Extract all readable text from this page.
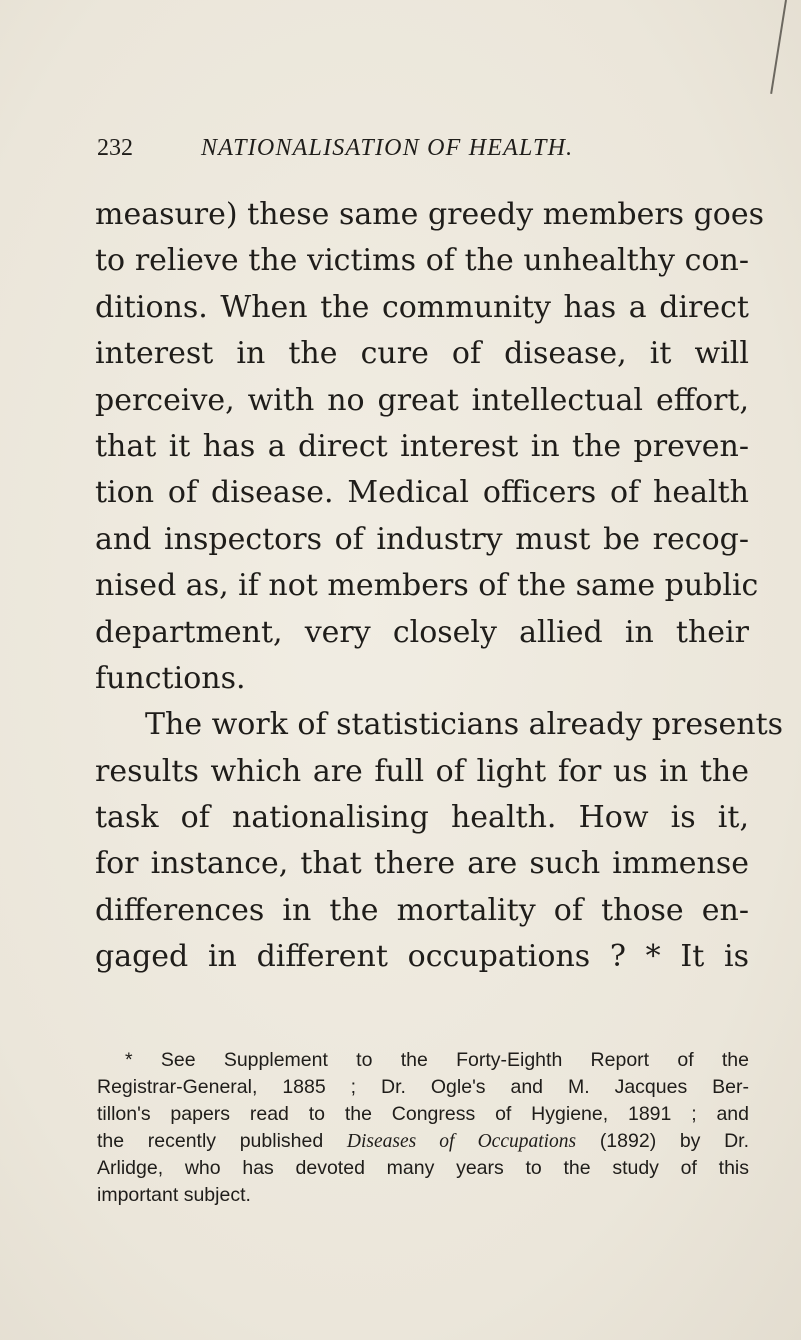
232	NATIONALISATION OF HEALTH.
measure) these same greedy members goes
to relieve the victims of the unhealthy con-
ditions. When the community has a direct
interest in the cure of disease, it will
perceive, with no great intellectual effort,
that it has a direct interest in the preven-
tion of disease. Medical officers of health
and inspectors of industry must be recog-
nised as, if not members of the same public
department, very closely allied in their
functions.
The work of statisticians already presents
results which are full of light for us in the
task of nationalising health. How is it,
for instance, that there are such immense
differences in the mortality of those en-
gaged in different occupations ? * It is
* See Supplement to the Forty-Eighth Report of the
Registrar-General, 1885 ; Dr. Ogle's and M. Jacques Ber-
tillon's papers read to the Congress of Hygiene, 1891 ; and
the recently published Diseases of Occupations (1892) by Dr.
Arlidge, who has devoted many years to the study of this
important subject.
